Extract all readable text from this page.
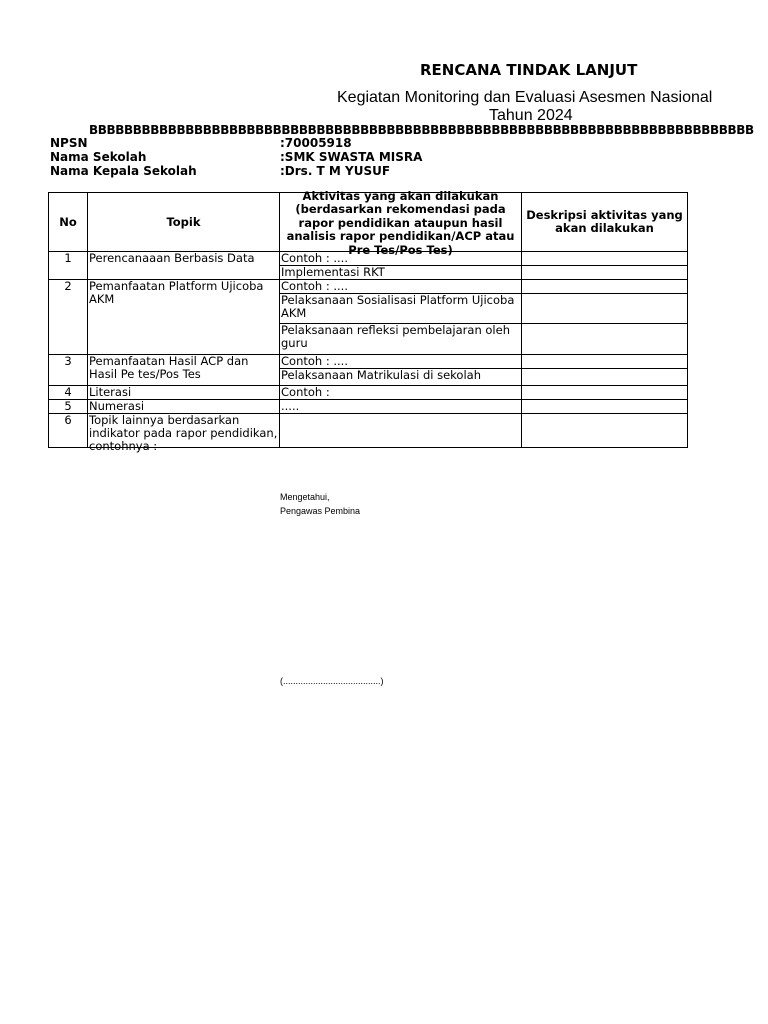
RENCANA TINDAK LANJUT
Kegiatan Monitoring dan Evaluasi Asesmen Nasional
Tahun 2024
BBBBBBBBBBBBBBBBBBBBBBBBBBBBBBBBBBBBBBBBBBBBBBBBBBBBBBBBBBBBBBBBBBBBBBBBBBBB
NPSN	:70005918
Nama Sekolah	:SMK SWASTA MISRA
Nama Kepala Sekolah	:Drs. T M YUSUF
No	Topik	Aktivitas yang akan dilakukan (berdasarkan rekomendasi pada rapor pendidikan ataupun hasil analisis rapor pendidikan/ACP atau Pre Tes/Pos Tes)	Deskripsi aktivitas yang akan dilakukan
1	Perencanaaan Berbasis Data	Contoh : ....	
		Implementasi RKT	
2	Pemanfaatan Platform Ujicoba AKM	Contoh : ....	
		Pelaksanaan Sosialisasi Platform Ujicoba AKM	
		Pelaksanaan refleksi pembelajaran oleh guru	
3	Pemanfaatan Hasil ACP dan Hasil Pe tes/Pos Tes	Contoh : ....	
		Pelaksanaan Matrikulasi di sekolah	
4	Literasi	Contoh :	
5	Numerasi	.....	
6	Topik lainnya berdasarkan indikator pada rapor pendidikan, contohnya :		

Mengetahui,
Pengawas Pembina
(.......................................)
